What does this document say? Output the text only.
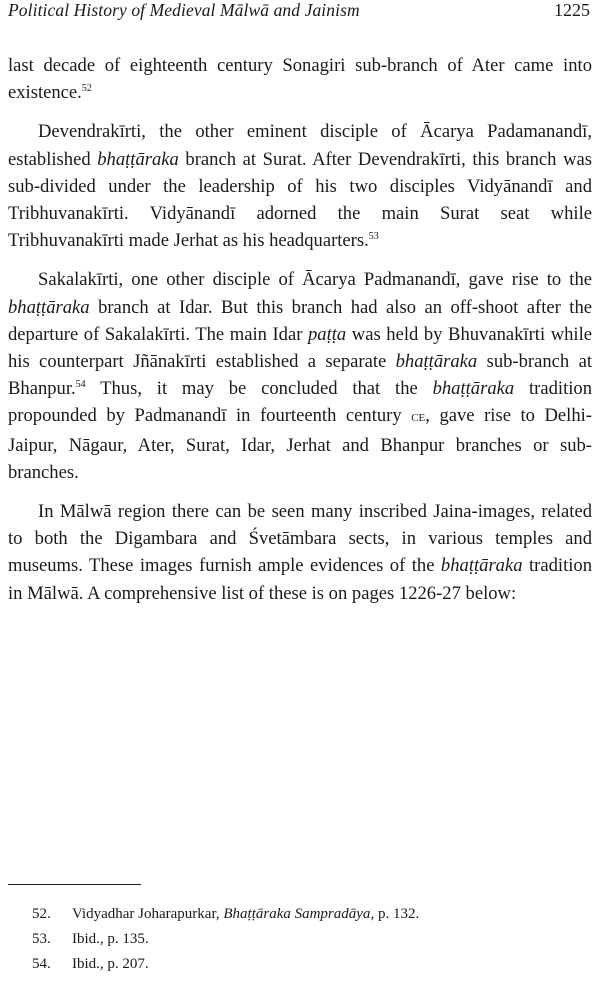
Political History of Medieval Mālwā and Jainism	1225

last decade of eighteenth century Sonagiri sub-branch of Ater came into existence.$^{52}$

Devendrakīrti, the other eminent disciple of Ācarya Padamanandī, established bhaṭṭāraka branch at Surat. After Devendrakīrti, this branch was sub-divided under the leadership of his two disciples Vidyānandī and Tribhuvanakīrti. Vidyānandī adorned the main Surat seat while Tribhuvanakīrti made Jerhat as his headquarters.$^{53}$

Sakalakīrti, one other disciple of Ācarya Padmanandī, gave rise to the bhaṭṭāraka branch at Idar. But this branch had also an off-shoot after the departure of Sakalakīrti. The main Idar paṭṭa was held by Bhuvanakīrti while his counterpart Jñānakīrti established a separate bhaṭṭāraka sub-branch at Bhanpur.$^{54}$ Thus, it may be concluded that the bhaṭṭāraka tradition propounded by Padmanandī in fourteenth century ce, gave rise to Delhi-Jaipur, Nāgaur, Ater, Surat, Idar, Jerhat and Bhanpur branches or sub-branches.

In Mālwā region there can be seen many inscribed Jaina-images, related to both the Digambara and Śvetāmbara sects, in various temples and museums. These images furnish ample evidences of the bhaṭṭāraka tradition in Mālwā. A comprehensive list of these is on pages 1226-27 below:

52.	Vidyadhar Joharapurkar, Bhaṭṭāraka Sampradāya, p. 132.
53.	Ibid., p. 135.
54.	Ibid., p. 207.
